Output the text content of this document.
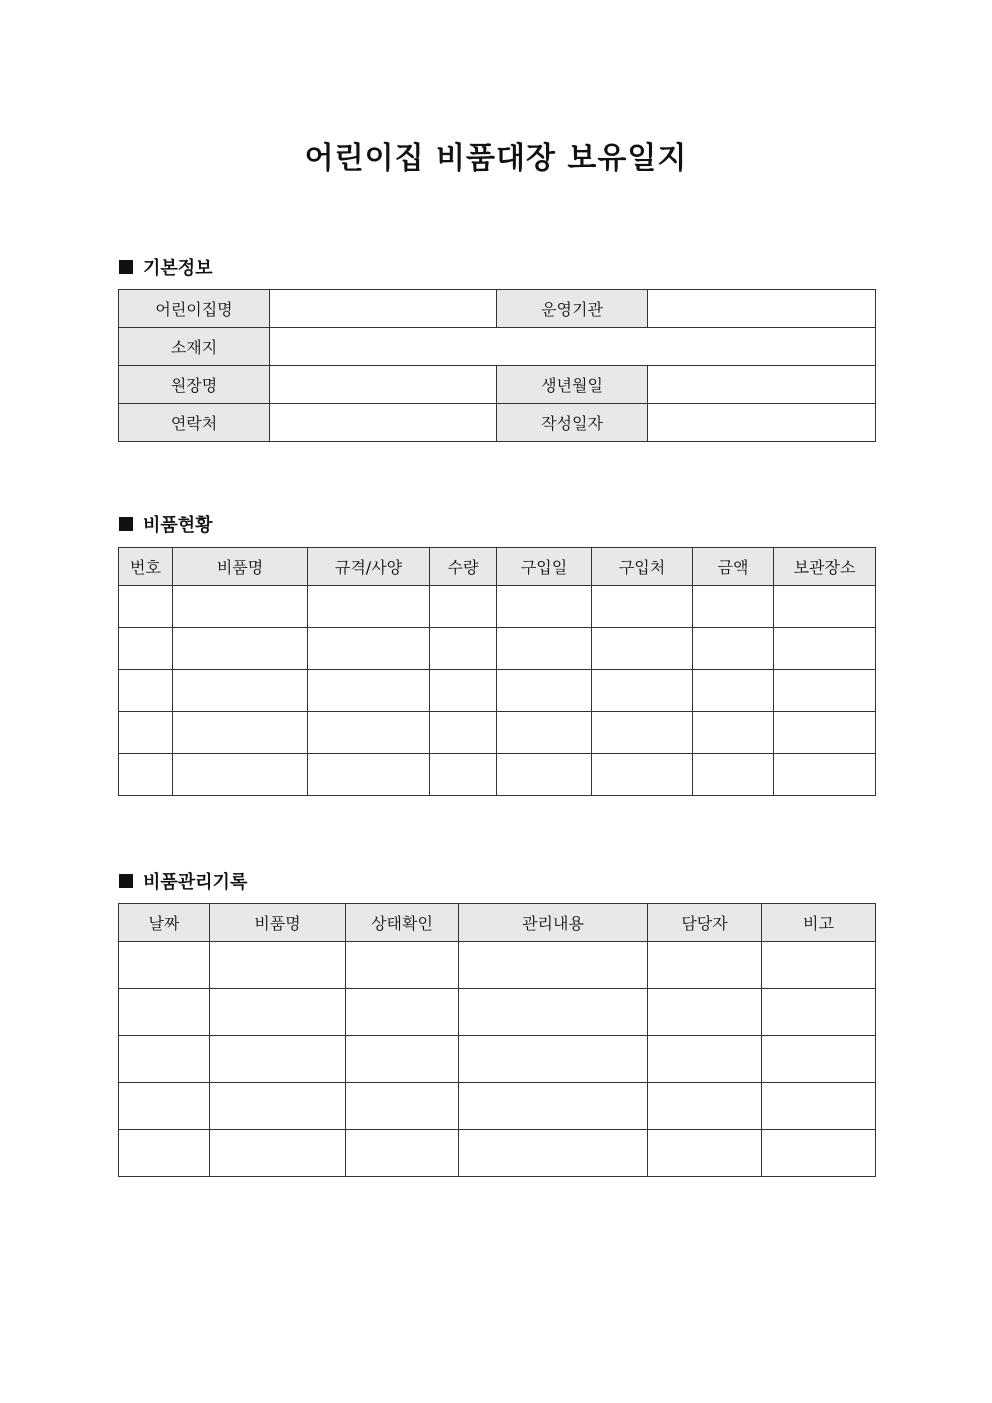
어린이집 비품대장 보유일지
기본정보
어린이집명		운영기관	
소재지			
원장명		생년월일	
연락처		작성일자	
비품현황
번호	비품명	규격/사양	수량	구입일	구입처	금액	보관장소

비품관리기록
날짜	비품명	상태확인	관리내용	담당자	비고
